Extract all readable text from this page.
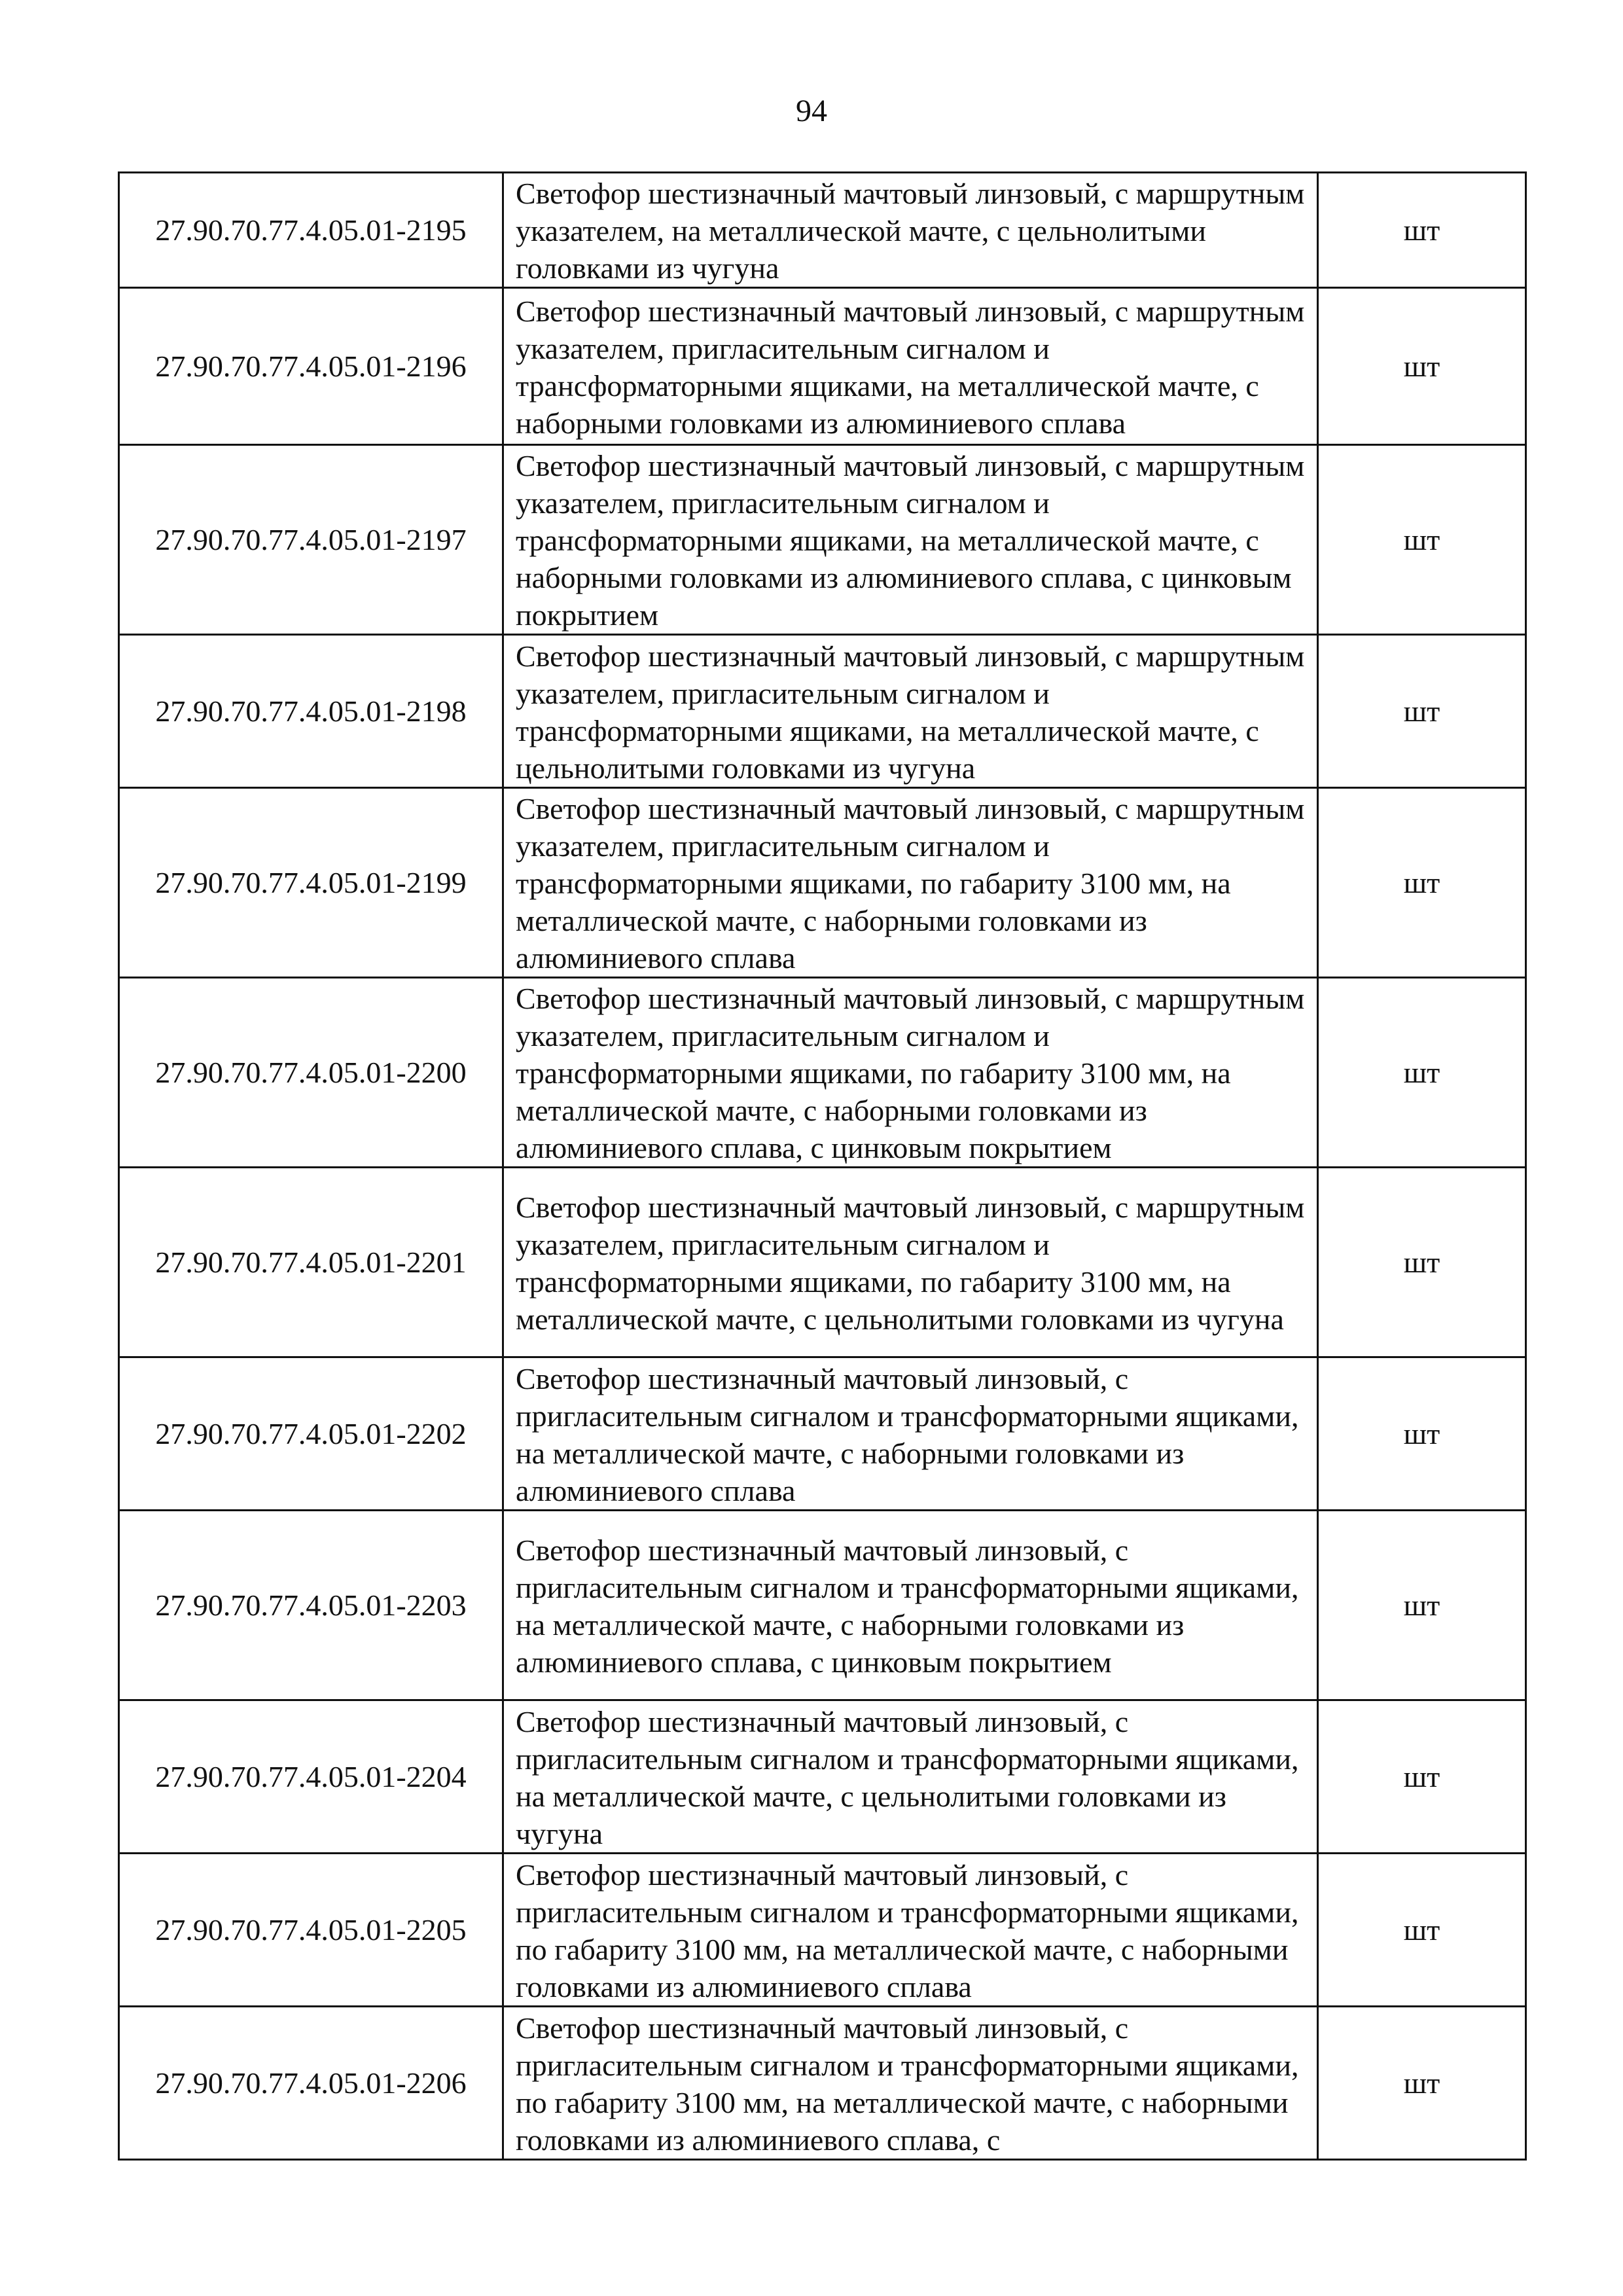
94
27.90.70.77.4.05.01-2195	Светофор шестизначный мачтовый линзовый, с маршрутным указателем, на металлической мачте, с цельнолитыми головками из чугуна	шт
27.90.70.77.4.05.01-2196	Светофор шестизначный мачтовый линзовый, с маршрутным указателем, пригласительным сигналом и трансформаторными ящиками, на металлической мачте, с наборными головками из алюминиевого сплава	шт
27.90.70.77.4.05.01-2197	Светофор шестизначный мачтовый линзовый, с маршрутным указателем, пригласительным сигналом и трансформаторными ящиками, на металлической мачте, с наборными головками из алюминиевого сплава, с цинковым покрытием	шт
27.90.70.77.4.05.01-2198	Светофор шестизначный мачтовый линзовый, с маршрутным указателем, пригласительным сигналом и трансформаторными ящиками, на металлической мачте, с цельнолитыми головками из чугуна	шт
27.90.70.77.4.05.01-2199	Светофор шестизначный мачтовый линзовый, с маршрутным указателем, пригласительным сигналом и трансформаторными ящиками, по габариту 3100 мм, на металлической мачте, с наборными головками из алюминиевого сплава	шт
27.90.70.77.4.05.01-2200	Светофор шестизначный мачтовый линзовый, с маршрутным указателем, пригласительным сигналом и трансформаторными ящиками, по габариту 3100 мм, на металлической мачте, с наборными головками из алюминиевого сплава, с цинковым покрытием	шт
27.90.70.77.4.05.01-2201	Светофор шестизначный мачтовый линзовый, с маршрутным указателем, пригласительным сигналом и трансформаторными ящиками, по габариту 3100 мм, на металлической мачте, с цельнолитыми головками из чугуна	шт
27.90.70.77.4.05.01-2202	Светофор шестизначный мачтовый линзовый, с пригласительным сигналом и трансформаторными ящиками, на металлической мачте, с наборными головками из алюминиевого сплава	шт
27.90.70.77.4.05.01-2203	Светофор шестизначный мачтовый линзовый, с пригласительным сигналом и трансформаторными ящиками, на металлической мачте, с наборными головками из алюминиевого сплава, с цинковым покрытием	шт
27.90.70.77.4.05.01-2204	Светофор шестизначный мачтовый линзовый, с пригласительным сигналом и трансформаторными ящиками, на металлической мачте, с цельнолитыми головками из чугуна	шт
27.90.70.77.4.05.01-2205	Светофор шестизначный мачтовый линзовый, с пригласительным сигналом и трансформаторными ящиками, по габариту 3100 мм, на металлической мачте, с наборными головками из алюминиевого сплава	шт
27.90.70.77.4.05.01-2206	Светофор шестизначный мачтовый линзовый, с пригласительным сигналом и трансформаторными ящиками, по габариту 3100 мм, на металлической мачте, с наборными головками из алюминиевого сплава, с	шт
